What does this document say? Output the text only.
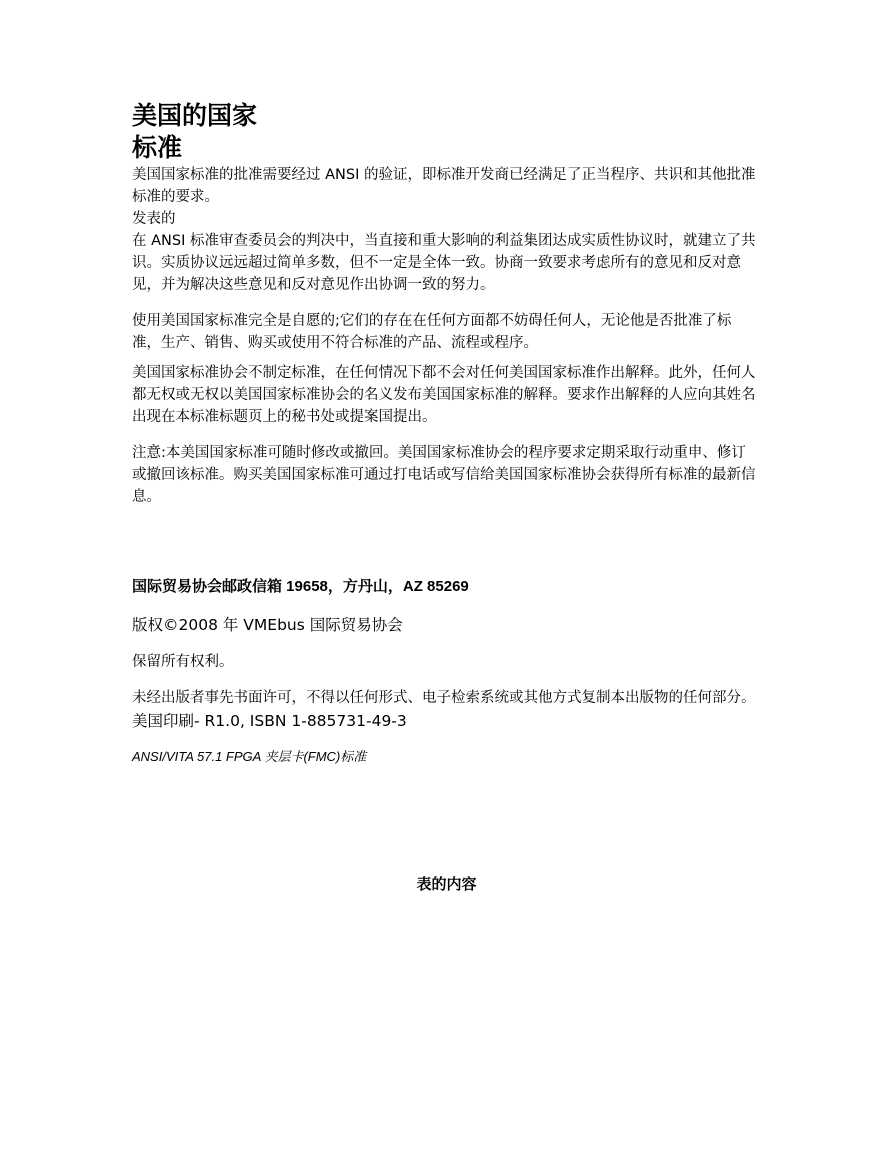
美国的国家
标准

美国国家标准的批准需要经过 ANSI 的验证，即标准开发商已经满足了正当程序、共识和其他批准标准的要求。

发表的

在 ANSI 标准审查委员会的判决中，当直接和重大影响的利益集团达成实质性协议时，就建立了共识。实质协议远远超过简单多数，但不一定是全体一致。协商一致要求考虑所有的意见和反对意见，并为解决这些意见和反对意见作出协调一致的努力。

使用美国国家标准完全是自愿的;它们的存在在任何方面都不妨碍任何人，无论他是否批准了标准，生产、销售、购买或使用不符合标准的产品、流程或程序。

美国国家标准协会不制定标准，在任何情况下都不会对任何美国国家标准作出解释。此外，任何人都无权或无权以美国国家标准协会的名义发布美国国家标准的解释。要求作出解释的人应向其姓名出现在本标准标题页上的秘书处或提案国提出。

注意:本美国国家标准可随时修改或撤回。美国国家标准协会的程序要求定期采取行动重申、修订或撤回该标准。购买美国国家标准可通过打电话或写信给美国国家标准协会获得所有标准的最新信息。

国际贸易协会邮政信箱 19658，方丹山，AZ 85269

版权©2008 年 VMEbus 国际贸易协会

保留所有权利。

未经出版者事先书面许可，不得以任何形式、电子检索系统或其他方式复制本出版物的任何部分。

美国印刷- R1.0, ISBN 1-885731-49-3

ANSI/VITA 57.1 FPGA 夹层卡(FMC)标准

表的内容
